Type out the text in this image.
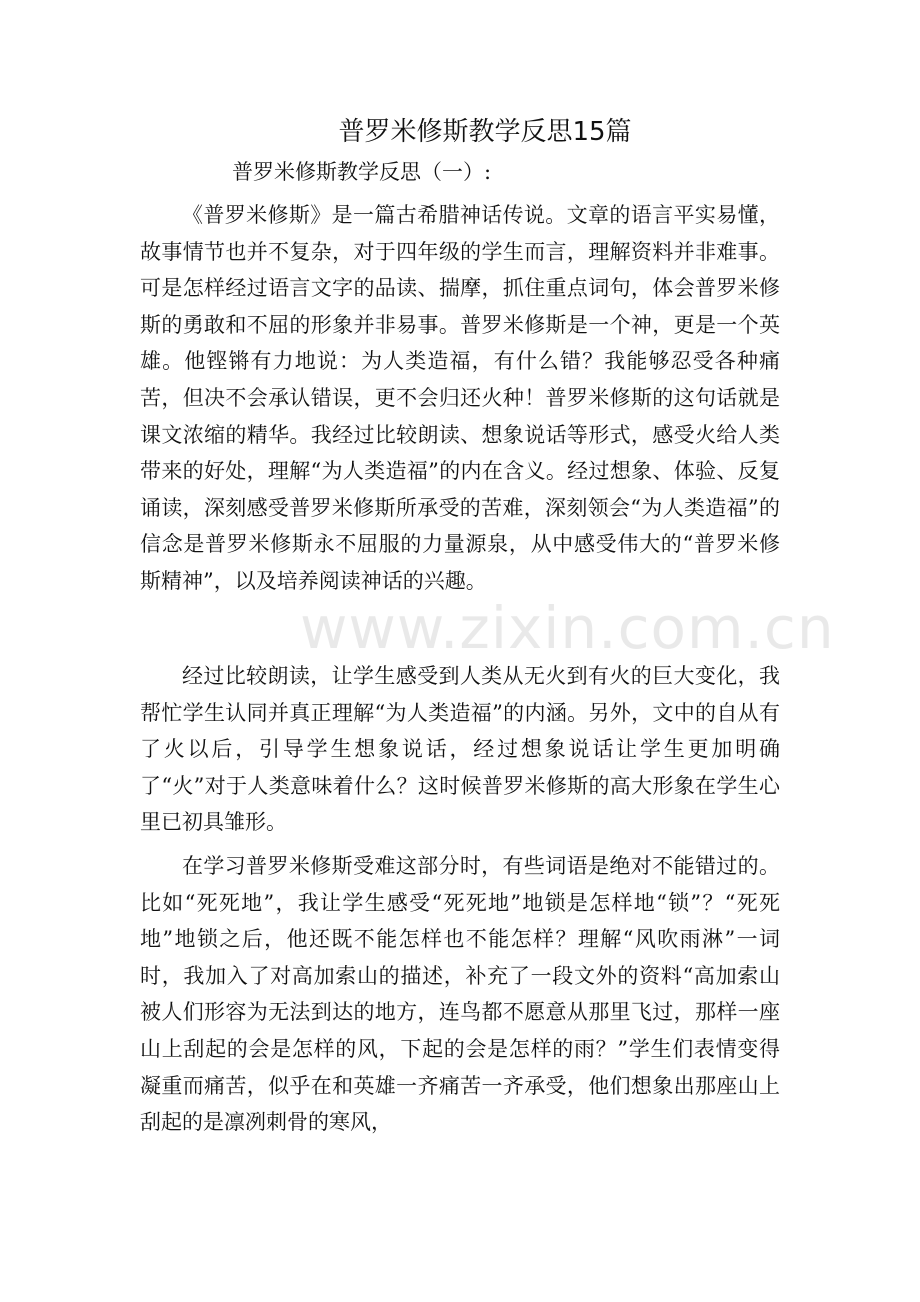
普罗米修斯教学反思15篇
普罗米修斯教学反思（一）:

《普罗米修斯》是一篇古希腊神话传说。文章的语言平实易懂，故事情节也并不复杂，对于四年级的学生而言，理解资料并非难事。可是怎样经过语言文字的品读、揣摩，抓住重点词句，体会普罗米修斯的勇敢和不屈的形象并非易事。普罗米修斯是一个神，更是一个英雄。他铿锵有力地说：为人类造福，有什么错？我能够忍受各种痛苦，但决不会承认错误，更不会归还火种！普罗米修斯的这句话就是课文浓缩的精华。我经过比较朗读、想象说话等形式，感受火给人类带来的好处，理解“为人类造福”的内在含义。经过想象、体验、反复诵读，深刻感受普罗米修斯所承受的苦难，深刻领会“为人类造福”的信念是普罗米修斯永不屈服的力量源泉，从中感受伟大的“普罗米修斯精神”，以及培养阅读神话的兴趣。

经过比较朗读，让学生感受到人类从无火到有火的巨大变化，我帮忙学生认同并真正理解“为人类造福”的内涵。另外，文中的自从有了火以后，引导学生想象说话，经过想象说话让学生更加明确了“火”对于人类意味着什么？这时候普罗米修斯的高大形象在学生心里已初具雏形。

在学习普罗米修斯受难这部分时，有些词语是绝对不能错过的。比如“死死地”，我让学生感受“死死地”地锁是怎样地“锁”？“死死地”地锁之后，他还既不能怎样也不能怎样？理解“风吹雨淋”一词时，我加入了对高加索山的描述，补充了一段文外的资料“高加索山被人们形容为无法到达的地方，连鸟都不愿意从那里飞过，那样一座山上刮起的会是怎样的风，下起的会是怎样的雨？”学生们表情变得凝重而痛苦，似乎在和英雄一齐痛苦一齐承受，他们想象出那座山上刮起的是凛冽刺骨的寒风，

www.zixin.com.cn
